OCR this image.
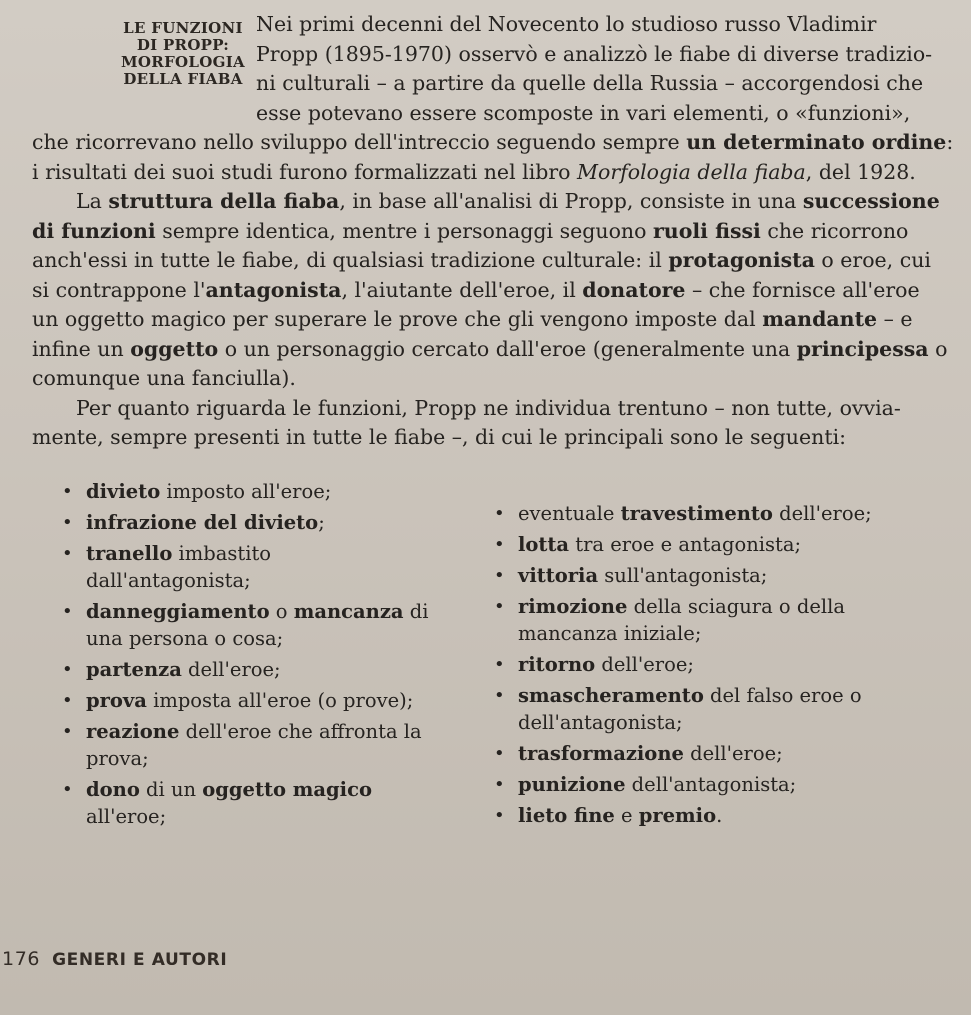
LE FUNZIONI
DI PROPP:
MORFOLOGIA
DELLA FIABA
Nei primi decenni del Novecento lo studioso russo Vladimir
Propp (1895-1970) osservò e analizzò le fiabe di diverse tradizio-
ni culturali – a partire da quelle della Russia – accorgendosi che
esse potevano essere scomposte in vari elementi, o «funzioni»,
che ricorrevano nello sviluppo dell'intreccio seguendo sempre un determinato ordine:
i risultati dei suoi studi furono formalizzati nel libro Morfologia della fiaba, del 1928.
La struttura della fiaba, in base all'analisi di Propp, consiste in una successione
di funzioni sempre identica, mentre i personaggi seguono ruoli fissi che ricorrono
anch'essi in tutte le fiabe, di qualsiasi tradizione culturale: il protagonista o eroe, cui
si contrappone l'antagonista, l'aiutante dell'eroe, il donatore – che fornisce all'eroe
un oggetto magico per superare le prove che gli vengono imposte dal mandante – e
infine un oggetto o un personaggio cercato dall'eroe (generalmente una principessa o
comunque una fanciulla).
Per quanto riguarda le funzioni, Propp ne individua trentuno – non tutte, ovvia-
mente, sempre presenti in tutte le fiabe –, di cui le principali sono le seguenti:
• divieto imposto all'eroe;
• infrazione del divieto;
• tranello imbastito
dall'antagonista;
• danneggiamento o mancanza di
una persona o cosa;
• partenza dell'eroe;
• prova imposta all'eroe (o prove);
• reazione dell'eroe che affronta la
prova;
• dono di un oggetto magico
all'eroe;
• eventuale travestimento dell'eroe;
• lotta tra eroe e antagonista;
• vittoria sull'antagonista;
• rimozione della sciagura o della
mancanza iniziale;
• ritorno dell'eroe;
• smascheramento del falso eroe o
dell'antagonista;
• trasformazione dell'eroe;
• punizione dell'antagonista;
• lieto fine e premio.
176 GENERI E AUTORI
